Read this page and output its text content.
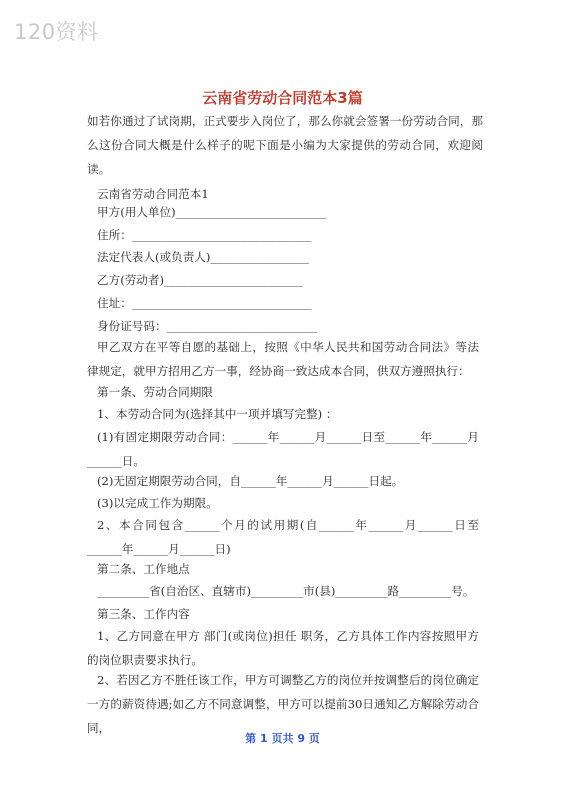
120资料
云南省劳动合同范本3篇
如若你通过了试岗期，正式要步入岗位了，那么你就会签署一份劳动合同，那么这份合同大概是什么样子的呢下面是小编为大家提供的劳动合同，欢迎阅读。
云南省劳动合同范本1
甲方(用人单位)__________________________
住所：_______________________________
法定代表人(或负责人)_________________
乙方(劳动者)________________________
住址：_______________________________
身份证号码：__________________________
甲乙双方在平等自愿的基础上，按照《中华人民共和国劳动合同法》等法律规定，就甲方招用乙方一事，经协商一致达成本合同，供双方遵照执行：
第一条、劳动合同期限
1、本劳动合同为(选择其中一项并填写完整) ：
(1)有固定期限劳动合同：______年______月______日至______年______月______日。
(2)无固定期限劳动合同，自______年______月______日起。
(3)以完成工作为期限。
2、本合同包含______个月的试用期(自______年______月______日至______年______月______日)
第二条、工作地点
_________省(自治区、直辖市)_________市(县)_________路_________号。
第三条、工作内容
1、乙方同意在甲方 部门(或岗位)担任 职务，乙方具体工作内容按照甲方的岗位职责要求执行。
2、若因乙方不胜任该工作，甲方可调整乙方的岗位并按调整后的岗位确定一方的薪资待遇;如乙方不同意调整，甲方可以提前30日通知乙方解除劳动合同，
第 1 页共 9 页
